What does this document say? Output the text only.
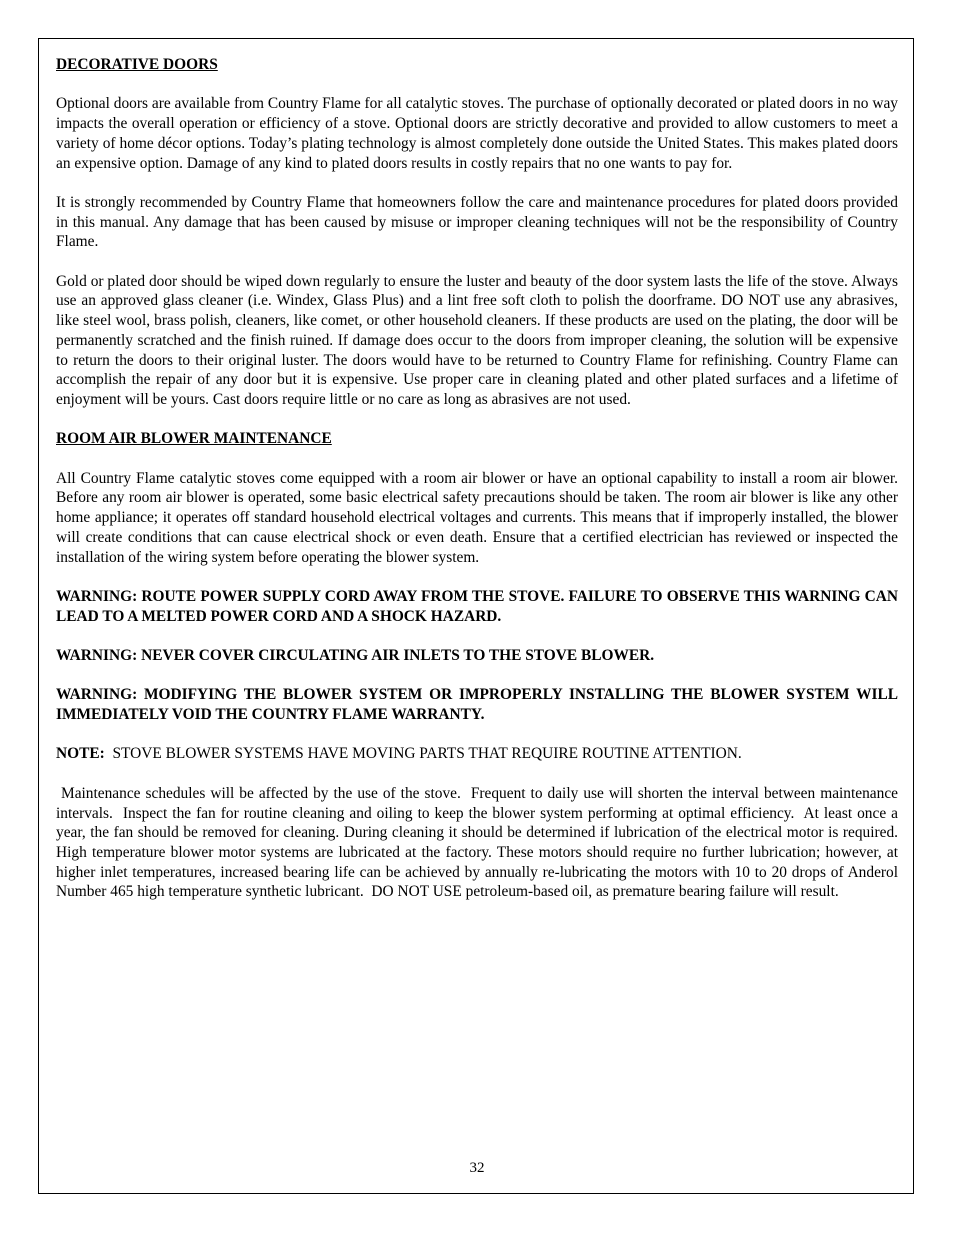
DECORATIVE DOORS

Optional doors are available from Country Flame for all catalytic stoves. The purchase of optionally decorated or plated doors in no way impacts the overall operation or efficiency of a stove. Optional doors are strictly decorative and provided to allow customers to meet a variety of home décor options. Today’s plating technology is almost completely done outside the United States. This makes plated doors an expensive option. Damage of any kind to plated doors results in costly repairs that no one wants to pay for.

It is strongly recommended by Country Flame that homeowners follow the care and maintenance procedures for plated doors provided in this manual. Any damage that has been caused by misuse or improper cleaning techniques will not be the responsibility of Country Flame.

Gold or plated door should be wiped down regularly to ensure the luster and beauty of the door system lasts the life of the stove. Always use an approved glass cleaner (i.e. Windex, Glass Plus) and a lint free soft cloth to polish the doorframe. DO NOT use any abrasives, like steel wool, brass polish, cleaners, like comet, or other household cleaners. If these products are used on the plating, the door will be permanently scratched and the finish ruined. If damage does occur to the doors from improper cleaning, the solution will be expensive to return the doors to their original luster. The doors would have to be returned to Country Flame for refinishing. Country Flame can accomplish the repair of any door but it is expensive. Use proper care in cleaning plated and other plated surfaces and a lifetime of enjoyment will be yours. Cast doors require little or no care as long as abrasives are not used.

ROOM AIR BLOWER MAINTENANCE

All Country Flame catalytic stoves come equipped with a room air blower or have an optional capability to install a room air blower. Before any room air blower is operated, some basic electrical safety precautions should be taken. The room air blower is like any other home appliance; it operates off standard household electrical voltages and currents. This means that if improperly installed, the blower will create conditions that can cause electrical shock or even death. Ensure that a certified electrician has reviewed or inspected the installation of the wiring system before operating the blower system.

WARNING: ROUTE POWER SUPPLY CORD AWAY FROM THE STOVE. FAILURE TO OBSERVE THIS WARNING CAN LEAD TO A MELTED POWER CORD AND A SHOCK HAZARD.
WARNING: NEVER COVER CIRCULATING AIR INLETS TO THE STOVE BLOWER.
WARNING: MODIFYING THE BLOWER SYSTEM OR IMPROPERLY INSTALLING THE BLOWER SYSTEM WILL IMMEDIATELY VOID THE COUNTRY FLAME WARRANTY.

NOTE: STOVE BLOWER SYSTEMS HAVE MOVING PARTS THAT REQUIRE ROUTINE ATTENTION.

Maintenance schedules will be affected by the use of the stove.  Frequent to daily use will shorten the interval between maintenance intervals.  Inspect the fan for routine cleaning and oiling to keep the blower system performing at optimal efficiency.  At least once a year, the fan should be removed for cleaning. During cleaning it should be determined if lubrication of the electrical motor is required.  High temperature blower motor systems are lubricated at the factory. These motors should require no further lubrication; however, at higher inlet temperatures, increased bearing life can be achieved by annually re-lubricating the motors with 10 to 20 drops of Anderol Number 465 high temperature synthetic lubricant.  DO NOT USE petroleum-based oil, as premature bearing failure will result.

32
